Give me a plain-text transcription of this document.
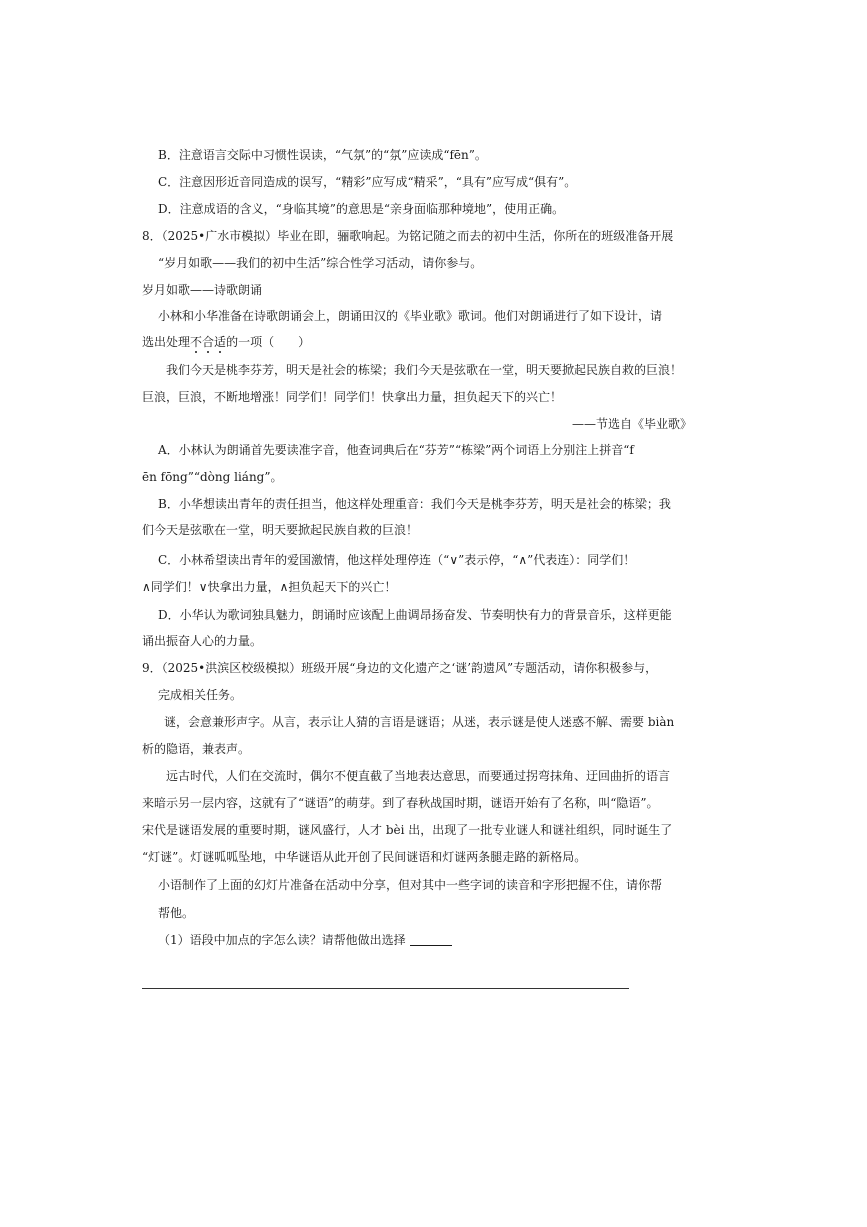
B．注意语言交际中习惯性误读，“气氛”的“氛”应读成“fēn”。
C．注意因形近音同造成的误写，“精彩”应写成“精采”，“具有”应写成“俱有”。
D．注意成语的含义，“身临其境”的意思是“亲身面临那种境地”，使用正确。
8．（2025•广水市模拟）毕业在即，骊歌响起。为铭记随之而去的初中生活，你所在的班级准备开展
“岁月如歌——我们的初中生活”综合性学习活动，请你参与。
岁月如歌——诗歌朗诵
小林和小华准备在诗歌朗诵会上，朗诵田汉的《毕业歌》歌词。他们对朗诵进行了如下设计，请
选出处理不合适的一项（　　）
我们今天是桃李芬芳，明天是社会的栋梁；我们今天是弦歌在一堂，明天要掀起民族自救的巨浪！
巨浪，巨浪，不断地增涨！同学们！同学们！快拿出力量，担负起天下的兴亡！
——节选自《毕业歌》
A．小林认为朗诵首先要读准字音，他查词典后在“芬芳”“栋梁”两个词语上分别注上拼音“f
ēn fōng”“dòng liáng”。
B．小华想读出青年的责任担当，他这样处理重音：我们今天是桃李芬芳，明天是社会的栋梁；我
们今天是弦歌在一堂，明天要掀起民族自救的巨浪！
C．小林希望读出青年的爱国激情，他这样处理停连（“∨”表示停，“∧”代表连）：同学们！
∧同学们！∨快拿出力量，∧担负起天下的兴亡！
D．小华认为歌词独具魅力，朗诵时应该配上曲调昂扬奋发、节奏明快有力的背景音乐，这样更能
诵出振奋人心的力量。
9．（2025•洪滨区校级模拟）班级开展“身边的文化遗产之‘谜’韵遗风”专题活动，请你积极参与，
完成相关任务。
谜，会意兼形声字。从言，表示让人猜的言语是谜语；从迷，表示谜是使人迷惑不解、需要 biàn
析的隐语，兼表声。
远古时代，人们在交流时，偶尔不便直截了当地表达意思，而要通过拐弯抹角、迂回曲折的语言
来暗示另一层内容，这就有了“谜语”的萌芽。到了春秋战国时期，谜语开始有了名称，叫“隐语”。
宋代是谜语发展的重要时期，谜风盛行，人才 bèi 出，出现了一批专业谜人和谜社组织，同时诞生了
“灯谜”。灯谜呱呱坠地，中华谜语从此开创了民间谜语和灯谜两条腿走路的新格局。
小语制作了上面的幻灯片准备在活动中分享，但对其中一些字词的读音和字形把握不住，请你帮
帮他。
（1）语段中加点的字怎么读？请帮他做出选择
